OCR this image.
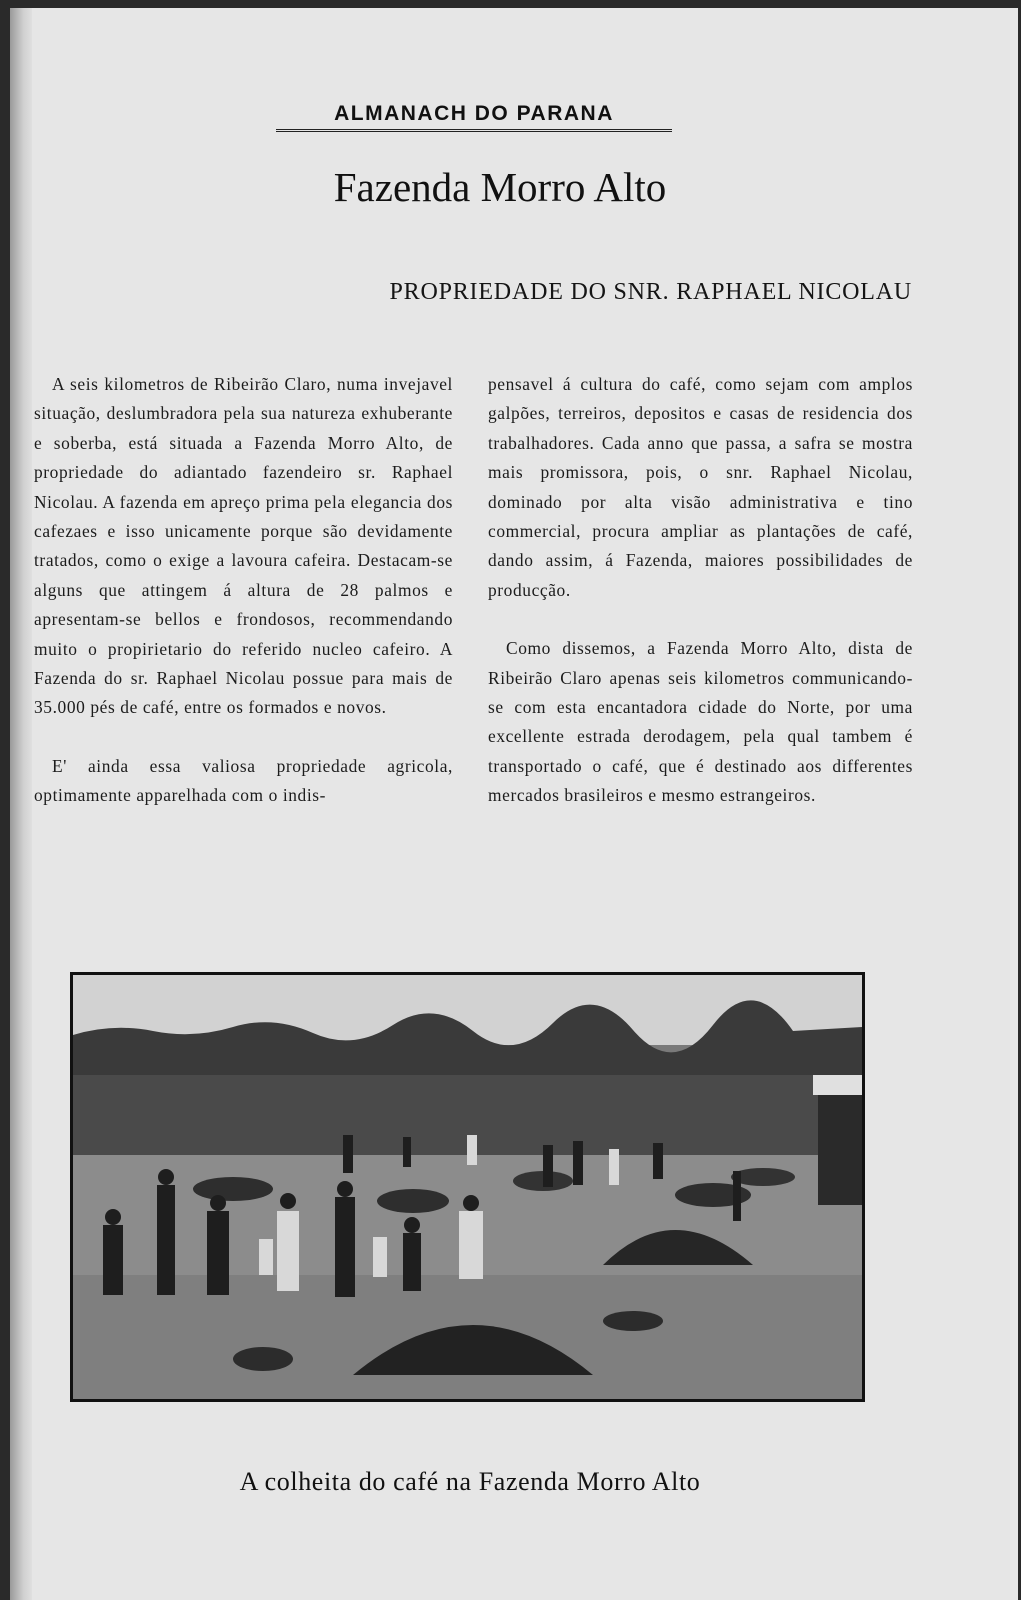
ALMANACH DO PARANA
Fazenda Morro Alto
PROPRIEDADE DO SNR. RAPHAEL NICOLAU

A seis kilometros de Ribeirão Claro, numa invejavel situação, deslumbradora pela sua natureza exhuberante e soberba, está situada a Fazenda Morro Alto, de propriedade do adiantado fazendeiro sr. Raphael Nicolau. A fazenda em apreço prima pela elegancia dos cafezaes e isso unicamente porque são devidamente tratados, como o exige a lavoura cafeira. Destacam-se alguns que attingem á altura de 28 palmos e apresentam-se bellos e frondosos, recommendando muito o propirietario do referido nucleo cafeiro. A Fazenda do sr. Raphael Nicolau possue para mais de 35.000 pés de café, entre os formados e novos.

E' ainda essa valiosa propriedade agricola, optimamente apparelhada com o indis-

pensavel á cultura do café, como sejam com amplos galpões, terreiros, depositos e casas de residencia dos trabalhadores. Cada anno que passa, a safra se mostra mais promissora, pois, o snr. Raphael Nicolau, dominado por alta visão administrativa e tino commercial, procura ampliar as plantações de café, dando assim, á Fazenda, maiores possibilidades de producção.

Como dissemos, a Fazenda Morro Alto, dista de Ribeirão Claro apenas seis kilometros communicando-se com esta encantadora cidade do Norte, por uma excellente estrada derodagem, pela qual tambem é transportado o café, que é destinado aos differentes mercados brasileiros e mesmo estrangeiros.

A colheita do café na Fazenda Morro Alto
